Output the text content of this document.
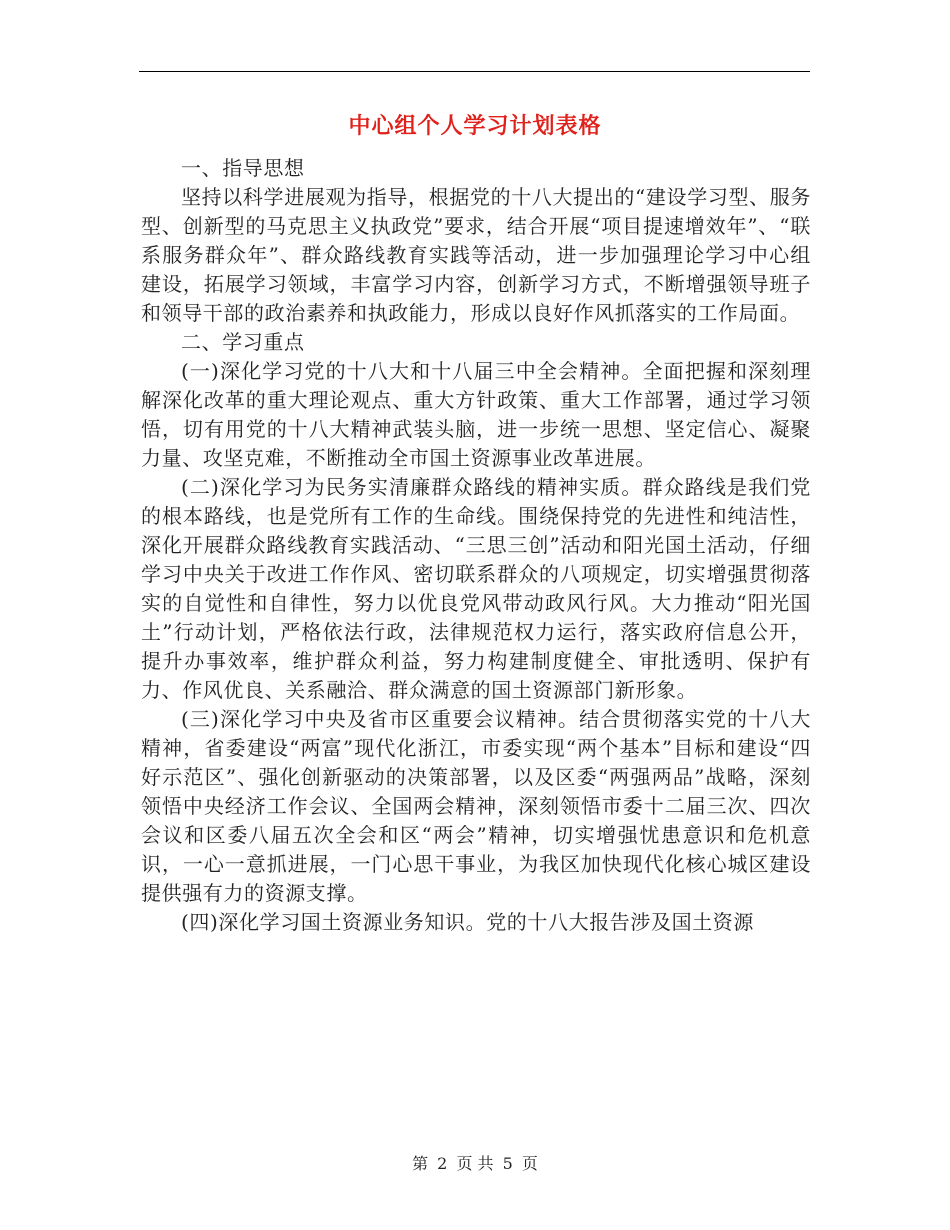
中心组个人学习计划表格

一、指导思想

坚持以科学进展观为指导，根据党的十八大提出的“建设学习型、服务型、创新型的马克思主义执政党”要求，结合开展“项目提速增效年”、“联系服务群众年”、群众路线教育实践等活动，进一步加强理论学习中心组建设，拓展学习领域，丰富学习内容，创新学习方式，不断增强领导班子和领导干部的政治素养和执政能力，形成以良好作风抓落实的工作局面。

二、学习重点

(一)深化学习党的十八大和十八届三中全会精神。全面把握和深刻理解深化改革的重大理论观点、重大方针政策、重大工作部署，通过学习领悟，切有用党的十八大精神武装头脑，进一步统一思想、坚定信心、凝聚力量、攻坚克难，不断推动全市国土资源事业改革进展。

(二)深化学习为民务实清廉群众路线的精神实质。群众路线是我们党的根本路线，也是党所有工作的生命线。围绕保持党的先进性和纯洁性，深化开展群众路线教育实践活动、“三思三创”活动和阳光国土活动，仔细学习中央关于改进工作作风、密切联系群众的八项规定，切实增强贯彻落实的自觉性和自律性，努力以优良党风带动政风行风。大力推动“阳光国土”行动计划，严格依法行政，法律规范权力运行，落实政府信息公开，提升办事效率，维护群众利益，努力构建制度健全、审批透明、保护有力、作风优良、关系融洽、群众满意的国土资源部门新形象。

(三)深化学习中央及省市区重要会议精神。结合贯彻落实党的十八大精神，省委建设“两富”现代化浙江，市委实现“两个基本”目标和建设“四好示范区”、强化创新驱动的决策部署，以及区委“两强两品”战略，深刻领悟中央经济工作会议、全国两会精神，深刻领悟市委十二届三次、四次会议和区委八届五次全会和区“两会”精神，切实增强忧患意识和危机意识，一心一意抓进展，一门心思干事业，为我区加快现代化核心城区建设提供强有力的资源支撑。

(四)深化学习国土资源业务知识。党的十八大报告涉及国土资源

第 2 页 共 5 页
